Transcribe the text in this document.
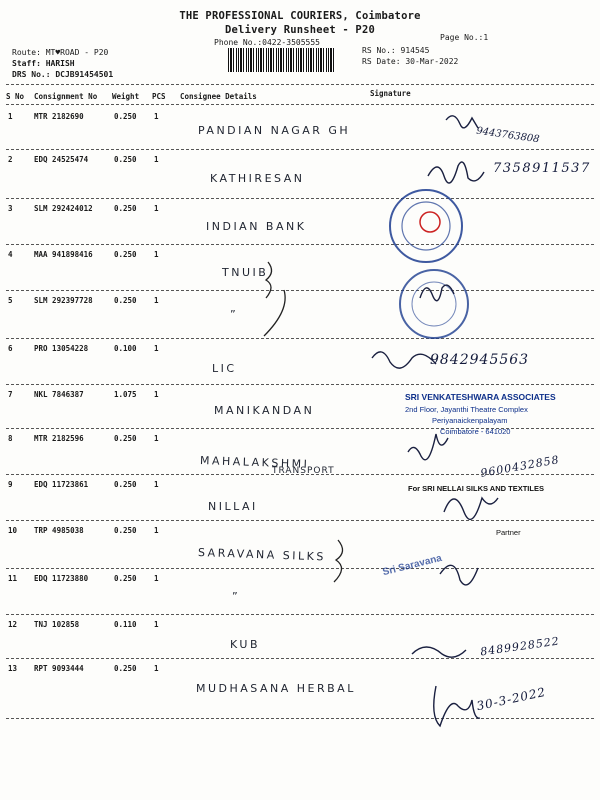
THE PROFESSIONAL COURIERS, Coimbatore
Delivery Runsheet - P20
Phone No.:0422-3505555
Page No.:1
Route: MT♥ROAD - P20
Staff: HARISH
DRS No.: DCJB91454501
RS No.: 914545
RS Date: 30-Mar-2022
S No Consignment No Weight PCS Consignee Details	Signature
1	MTR 2182690	0.250 1
PANDIAN NAGAR GH
2	EDQ 24525474	0.250 1
KATHIRESAN
3	SLM 292424012	0.250 1
INDIAN BANK
4	MAA 941898416	0.250 1
TNUIB
5	SLM 292397728	0.250 1
”
6	PRO 13054228	0.100 1
LIC
7	NKL 7846387	1.075 1
MANIKANDAN
8	MTR 2182596	0.250 1
MAHALAKSHMI
TRANSPORT
9	EDQ 11723861	0.250 1
NILLAI
10 TRP 4985038	0.250 1
SARAVANA SILKS
11 EDQ 11723880	0.250 1
”
12 TNJ 102858	0.110 1
KUB
13 RPT 9093444	0.250 1
MUDHASANA HERBAL
SRI VENKATESHWARA ASSOCIATES
2nd Floor, Jayanthi Theatre Complex
Periyanaickenpalayam
Coimbatore - 641020
For SRI NELLAI SILKS AND TEXTILES
Partner
Sri Saravana
9443763808
7358911537
9842945563
9600432858
8489928522
30-3-2022
